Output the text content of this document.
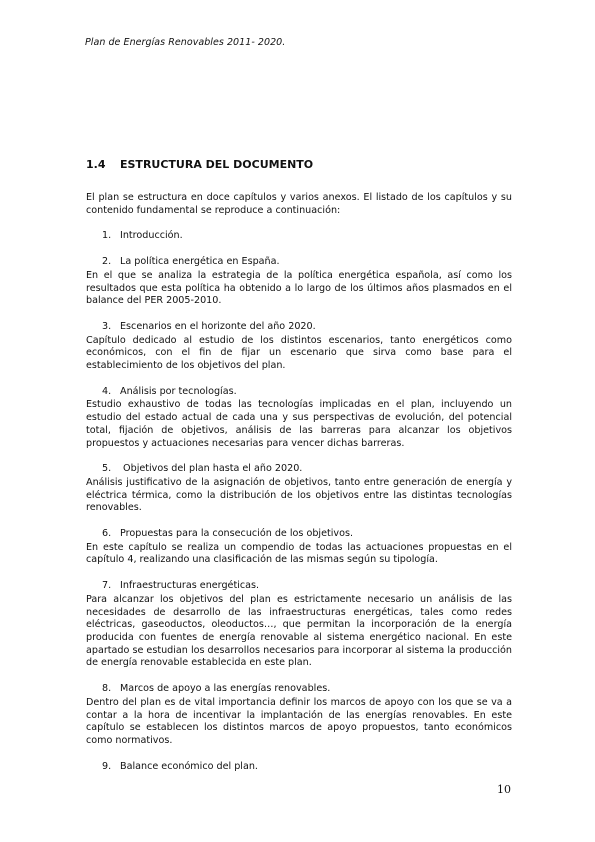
Plan de Energías Renovables 2011- 2020.
1.4 ESTRUCTURA DEL DOCUMENTO

El plan se estructura en doce capítulos y varios anexos. El listado de los capítulos y su contenido fundamental se reproduce a continuación:

1. Introducción.
2. La política energética en España.

En el que se analiza la estrategia de la política energética española, así como los resultados que esta política ha obtenido a lo largo de los últimos años plasmados en el balance del PER 2005-2010.

3. Escenarios en el horizonte del año 2020.

Capítulo dedicado al estudio de los distintos escenarios, tanto energéticos como económicos, con el fin de fijar un escenario que sirva como base para el establecimiento de los objetivos del plan.

4. Análisis por tecnologías.

Estudio exhaustivo de todas las tecnologías implicadas en el plan, incluyendo un estudio del estado actual de cada una y sus perspectivas de evolución, del potencial total, fijación de objetivos, análisis de las barreras para alcanzar los objetivos propuestos y actuaciones necesarias para vencer dichas barreras.

5. Objetivos del plan hasta el año 2020.

Análisis justificativo de la asignación de objetivos, tanto entre generación de energía y eléctrica térmica, como la distribución de los objetivos entre las distintas tecnologías renovables.

6. Propuestas para la consecución de los objetivos.

En este capítulo se realiza un compendio de todas las actuaciones propuestas en el capítulo 4, realizando una clasificación de las mismas según su tipología.

7. Infraestructuras energéticas.

Para alcanzar los objetivos del plan es estrictamente necesario un análisis de las necesidades de desarrollo de las infraestructuras energéticas, tales como redes eléctricas, gaseoductos, oleoductos…, que permitan la incorporación de la energía producida con fuentes de energía renovable al sistema energético nacional. En este apartado se estudian los desarrollos necesarios para incorporar al sistema la producción de energía renovable establecida en este plan.

8. Marcos de apoyo a las energías renovables.

Dentro del plan es de vital importancia definir los marcos de apoyo con los que se va a contar a la hora de incentivar la implantación de las energías renovables. En este capítulo se establecen los distintos marcos de apoyo propuestos, tanto económicos como normativos.

9. Balance económico del plan.
10
